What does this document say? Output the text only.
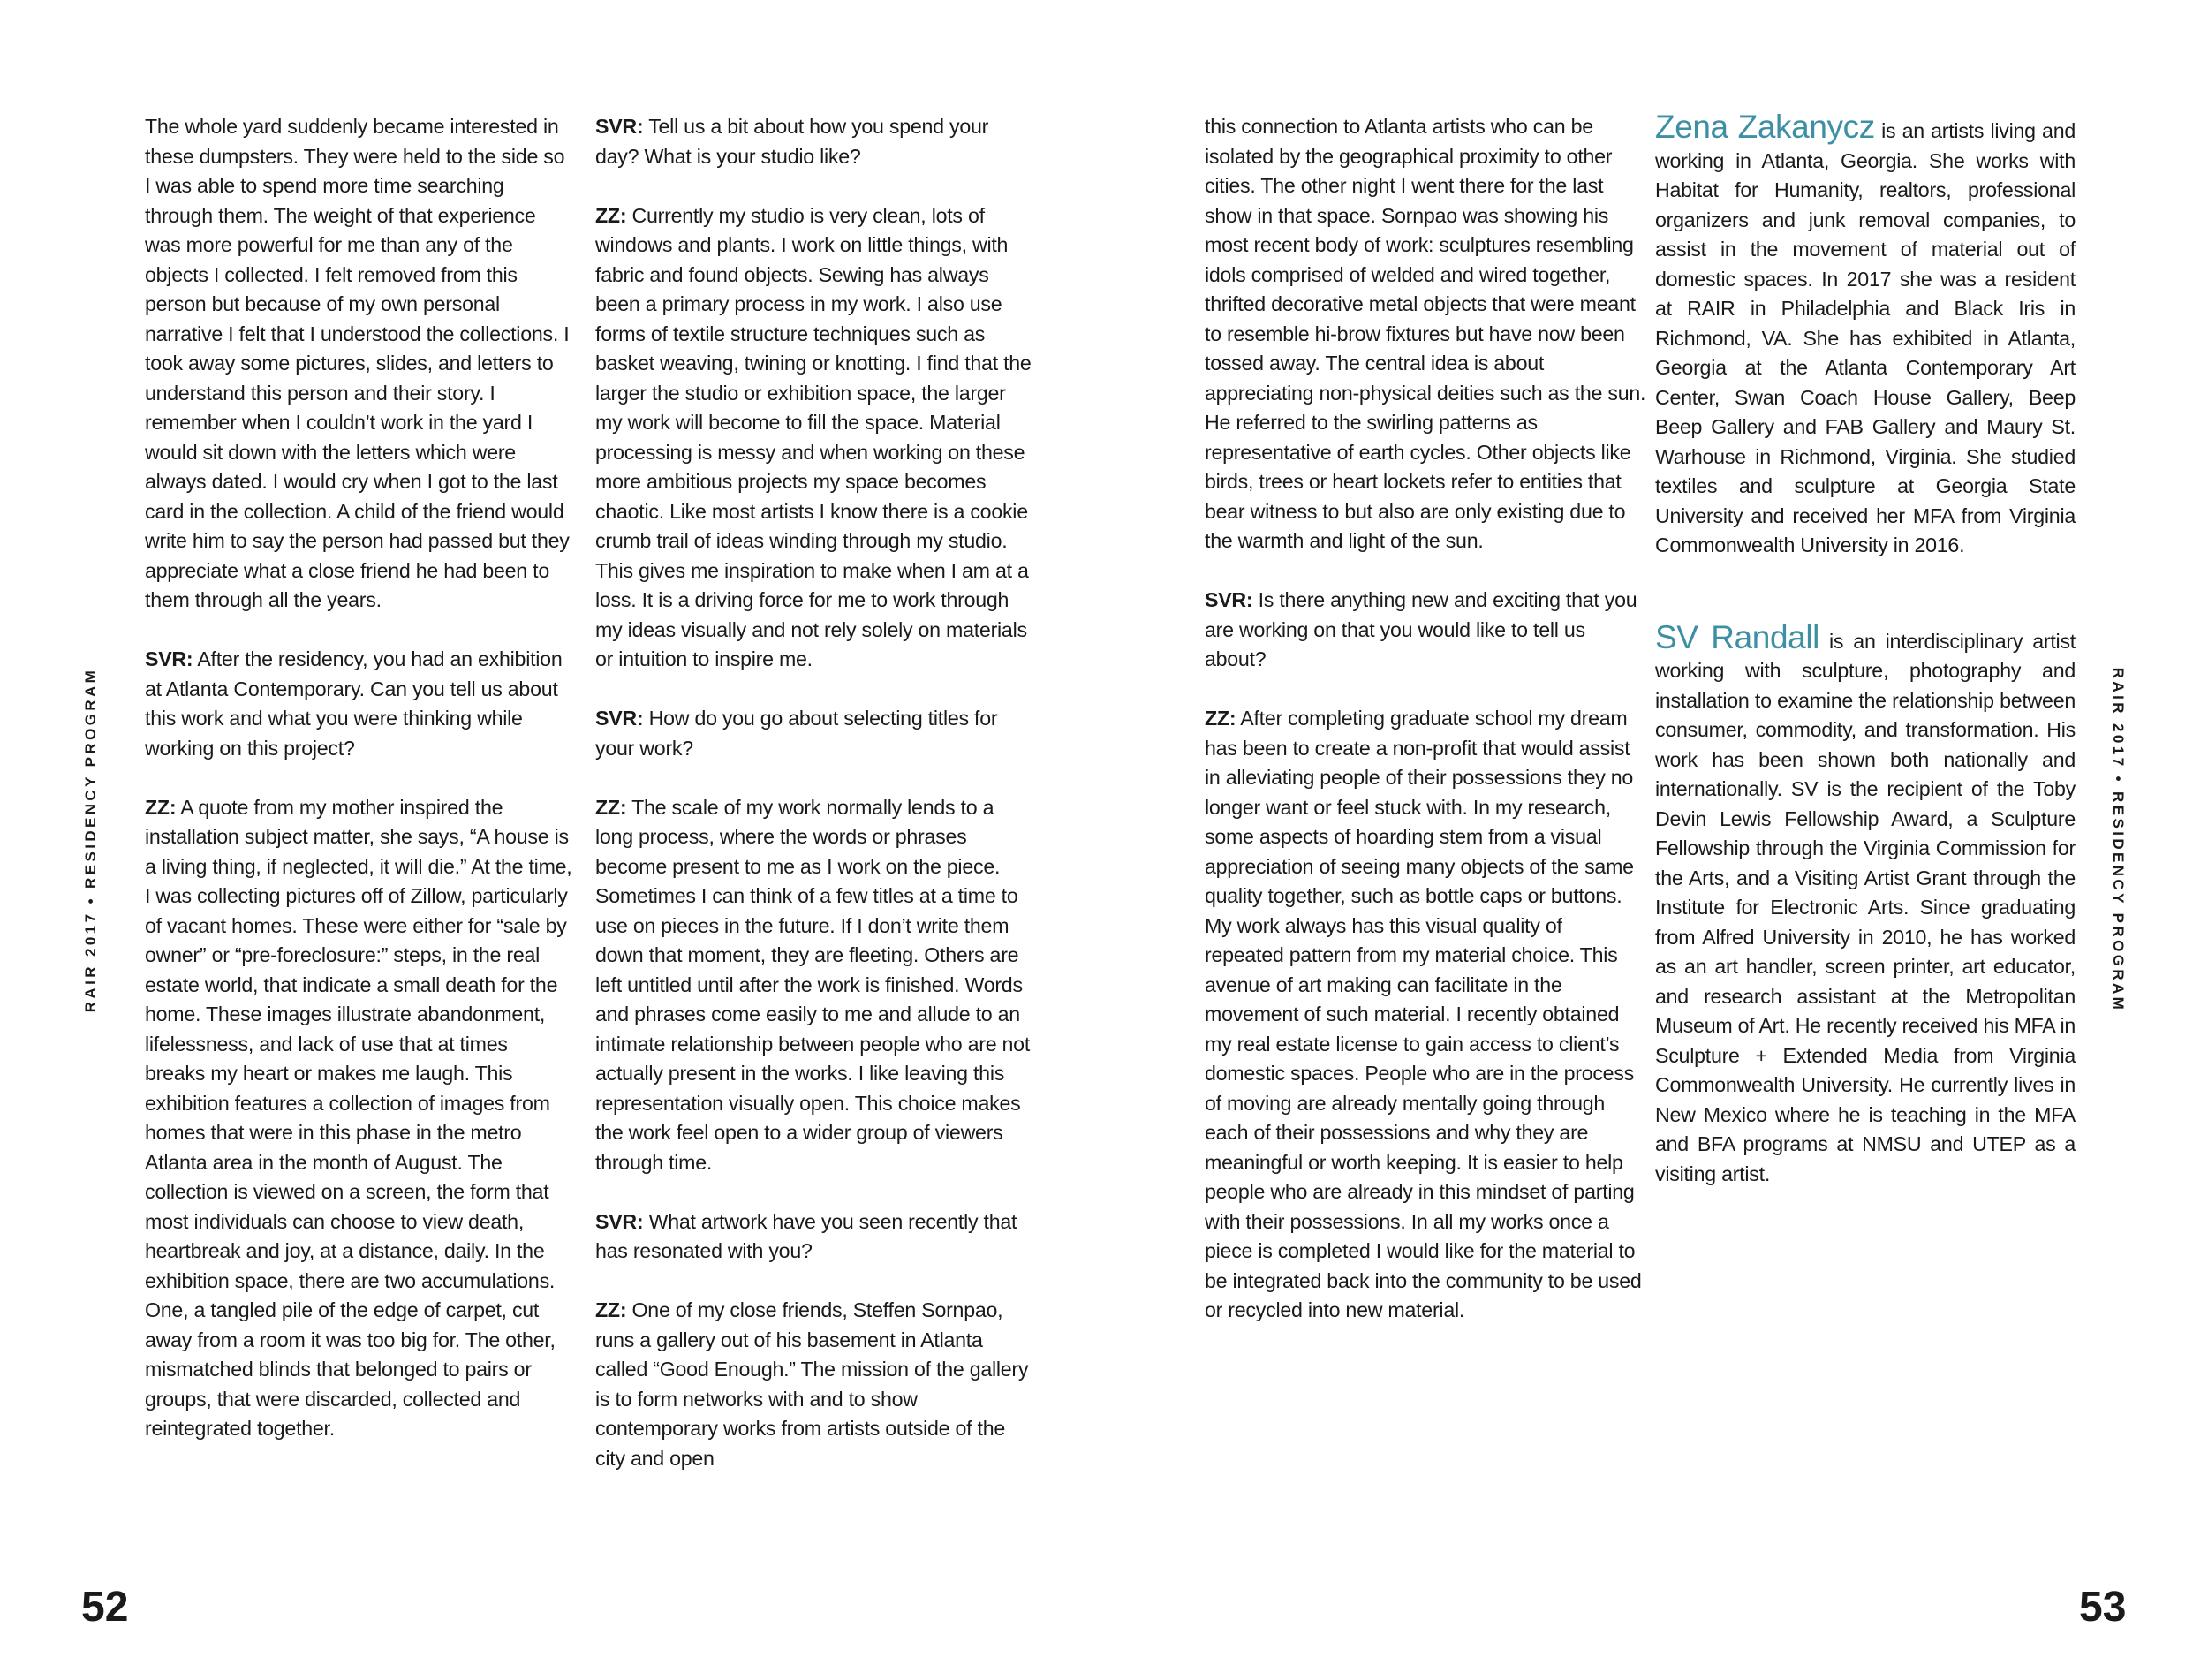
RAIR 2017 • RESIDENCY PROGRAM	RAIR 2017 • RESIDENCY PROGRAM

The whole yard suddenly became interested in these dumpsters. They were held to the side so I was able to spend more time searching through them. The weight of that experience was more powerful for me than any of the objects I collected. I felt removed from this person but because of my own personal narrative I felt that I understood the collections. I took away some pictures, slides, and letters to understand this person and their story. I remember when I couldn’t work in the yard I would sit down with the letters which were always dated. I would cry when I got to the last card in the collection. A child of the friend would write him to say the person had passed but they appreciate what a close friend he had been to them through all the years.

SVR: After the residency, you had an exhibition at Atlanta Contemporary. Can you tell us about this work and what you were thinking while working on this project?

ZZ: A quote from my mother inspired the installation subject matter, she says, “A house is a living thing, if neglected, it will die.” At the time, I was collecting pictures off of Zillow, particularly of vacant homes. These were either for “sale by owner” or “pre-foreclosure:” steps, in the real estate world, that indicate a small death for the home. These images illustrate abandonment, lifelessness, and lack of use that at times breaks my heart or makes me laugh. This exhibition features a collection of images from homes that were in this phase in the metro Atlanta area in the month of August. The collection is viewed on a screen, the form that most individuals can choose to view death, heartbreak and joy, at a distance, daily. In the exhibition space, there are two accumulations. One, a tangled pile of the edge of carpet, cut away from a room it was too big for. The other, mismatched blinds that belonged to pairs or groups, that were discarded, collected and reintegrated together.

SVR: Tell us a bit about how you spend your day? What is your studio like?

ZZ: Currently my studio is very clean, lots of windows and plants. I work on little things, with fabric and found objects. Sewing has always been a primary process in my work. I also use forms of textile structure techniques such as basket weaving, twining or knotting. I find that the larger the studio or exhibition space, the larger my work will become to fill the space. Material processing is messy and when working on these more ambitious projects my space becomes chaotic. Like most artists I know there is a cookie crumb trail of ideas winding through my studio. This gives me inspiration to make when I am at a loss. It is a driving force for me to work through my ideas visually and not rely solely on materials or intuition to inspire me.

SVR: How do you go about selecting titles for your work?

ZZ: The scale of my work normally lends to a long process, where the words or phrases become present to me as I work on the piece. Sometimes I can think of a few titles at a time to use on pieces in the future. If I don’t write them down that moment, they are fleeting. Others are left untitled until after the work is finished. Words and phrases come easily to me and allude to an intimate relationship between people who are not actually present in the works. I like leaving this representation visually open. This choice makes the work feel open to a wider group of viewers through time.

SVR: What artwork have you seen recently that has resonated with you?

ZZ: One of my close friends, Steffen Sornpao, runs a gallery out of his basement in Atlanta called “Good Enough.” The mission of the gallery is to form networks with and to show contemporary works from artists outside of the city and open

this connection to Atlanta artists who can be isolated by the geographical proximity to other cities. The other night I went there for the last show in that space. Sornpao was showing his most recent body of work: sculptures resembling idols comprised of welded and wired together, thrifted decorative metal objects that were meant to resemble hi-brow fixtures but have now been tossed away. The central idea is about appreciating non-physical deities such as the sun. He referred to the swirling patterns as representative of earth cycles. Other objects like birds, trees or heart lockets refer to entities that bear witness to but also are only existing due to the warmth and light of the sun.

SVR: Is there anything new and exciting that you are working on that you would like to tell us about?

ZZ: After completing graduate school my dream has been to create a non-profit that would assist in alleviating people of their possessions they no longer want or feel stuck with. In my research, some aspects of hoarding stem from a visual appreciation of seeing many objects of the same quality together, such as bottle caps or buttons. My work always has this visual quality of repeated pattern from my material choice. This avenue of art making can facilitate in the movement of such material. I recently obtained my real estate license to gain access to client’s domestic spaces. People who are in the process of moving are already mentally going through each of their possessions and why they are meaningful or worth keeping. It is easier to help people who are already in this mindset of parting with their possessions. In all my works once a piece is completed I would like for the material to be integrated back into the community to be used or recycled into new material.

Zena Zakanycz is an artists living and working in Atlanta, Georgia. She works with Habitat for Humanity, realtors, professional organizers and junk removal companies, to assist in the movement of material out of domestic spaces. In 2017 she was a resident at RAIR in Philadelphia and Black Iris in Richmond, VA. She has exhibited in Atlanta, Georgia at the Atlanta Contemporary Art Center, Swan Coach House Gallery, Beep Beep Gallery and FAB Gallery and Maury St. Warhouse in Richmond, Virginia. She studied textiles and sculpture at Georgia State University and received her MFA from Virginia Commonwealth University in 2016.

SV Randall is an interdisciplinary artist working with sculpture, photography and installation to examine the relationship between consumer, commodity, and transformation. His work has been shown both nationally and internationally. SV is the recipient of the Toby Devin Lewis Fellowship Award, a Sculpture Fellowship through the Virginia Commission for the Arts, and a Visiting Artist Grant through the Institute for Electronic Arts. Since graduating from Alfred University in 2010, he has worked as an art handler, screen printer, art educator, and research assistant at the Metropolitan Museum of Art. He recently received his MFA in Sculpture + Extended Media from Virginia Commonwealth University. He currently lives in New Mexico where he is teaching in the MFA and BFA programs at NMSU and UTEP as a visiting artist.

52	53
